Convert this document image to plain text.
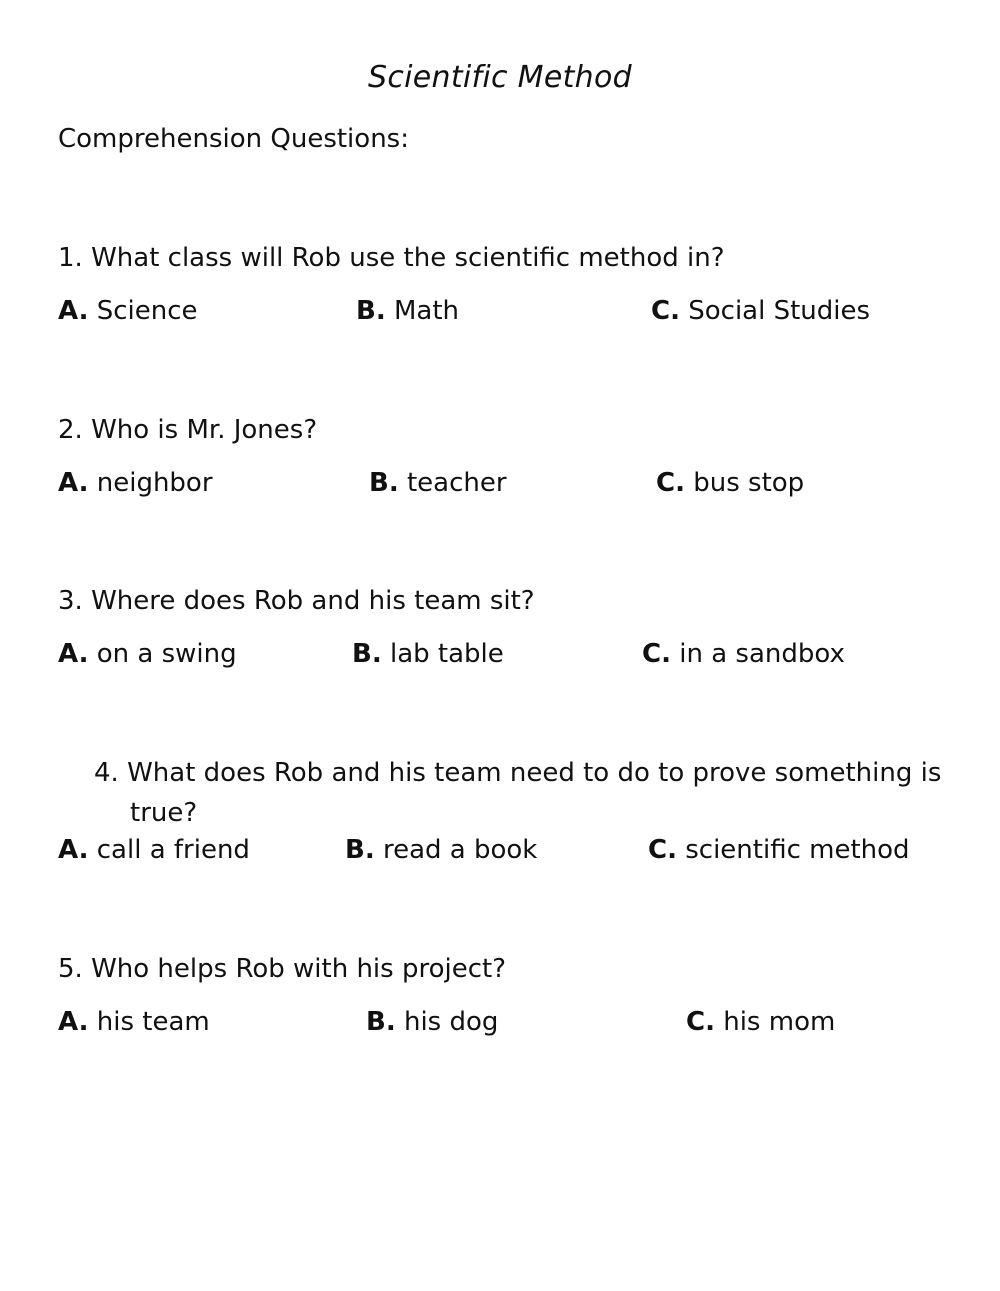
Scientific Method
Comprehension Questions:
1. What class will Rob use the scientific method in?
A. Science	B. Math	C. Social Studies
2. Who is Mr. Jones?
A. neighbor	B. teacher	C. bus stop
3. Where does Rob and his team sit?
A. on a swing	B. lab table	C. in a sandbox
4. What does Rob and his team need to do to prove something is true?
A. call a friend	B. read a book	C. scientific method
5. Who helps Rob with his project?
A. his team	B. his dog	C. his mom
